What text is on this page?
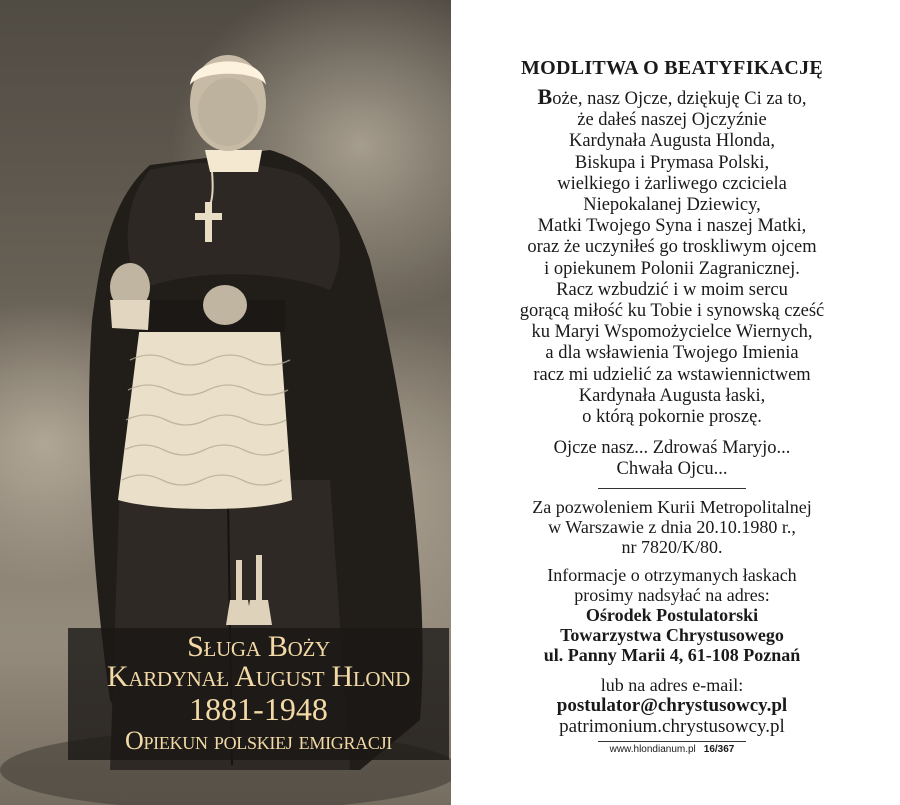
Sługa Boży
Kardynał August Hlond
1881-1948
Opiekun polskiej emigracji
MODLITWA O BEATYFIKACJĘ
Boże, nasz Ojcze, dziękuję Ci za to,
że dałeś naszej Ojczyźnie
Kardynała Augusta Hlonda,
Biskupa i Prymasa Polski,
wielkiego i żarliwego czciciela
Niepokalanej Dziewicy,
Matki Twojego Syna i naszej Matki,
oraz że uczyniłeś go troskliwym ojcem
i opiekunem Polonii Zagranicznej.
Racz wzbudzić i w moim sercu
gorącą miłość ku Tobie i synowską cześć
ku Maryi Wspomożycielce Wiernych,
a dla wsławienia Twojego Imienia
racz mi udzielić za wstawiennictwem
Kardynała Augusta łaski,
o którą pokornie proszę.
Ojcze nasz... Zdrowaś Maryjo...
Chwała Ojcu...
Za pozwoleniem Kurii Metropolitalnej
w Warszawie z dnia 20.10.1980 r.,
nr 7820/K/80.
Informacje o otrzymanych łaskach
prosimy nadsyłać na adres:
Ośrodek Postulatorski
Towarzystwa Chrystusowego
ul. Panny Marii 4, 61-108 Poznań
lub na adres e-mail:
postulator@chrystusowcy.pl
patrimonium.chrystusowcy.pl
www.hlondianum.pl 16/367
